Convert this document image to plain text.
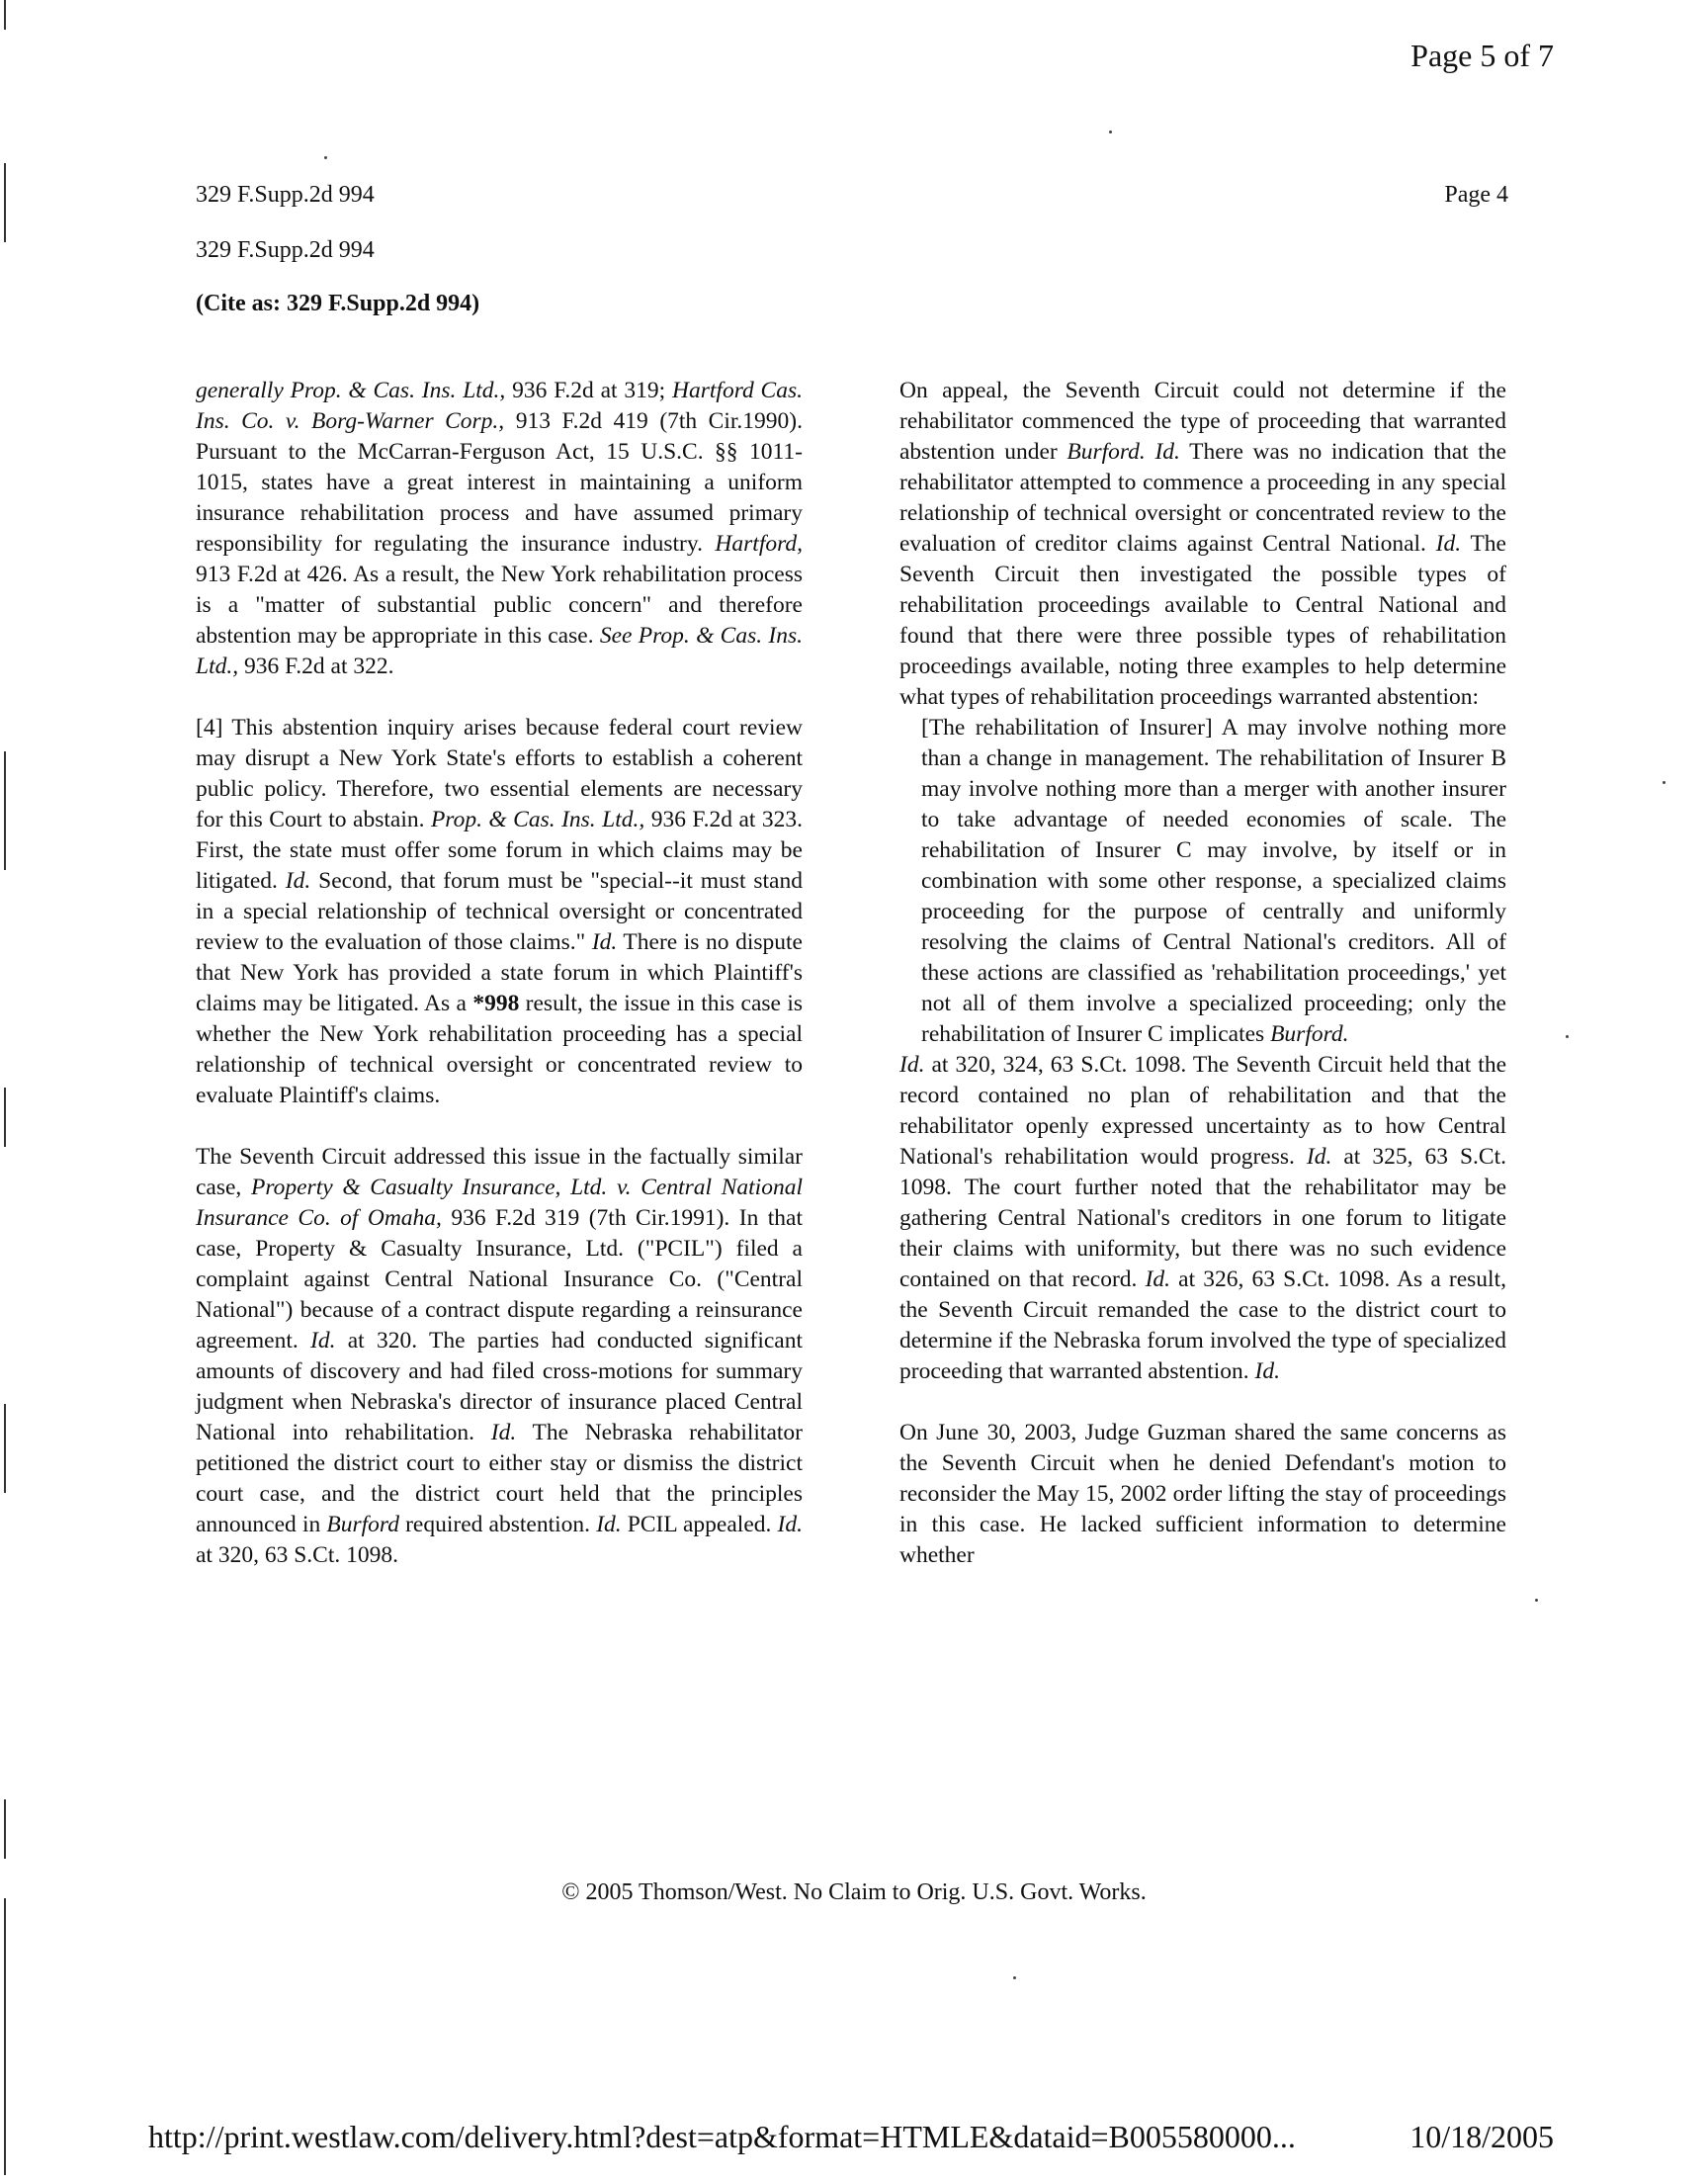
Page 5 of 7
329 F.Supp.2d 994	Page 4
329 F.Supp.2d 994
(Cite as: 329 F.Supp.2d 994)

generally Prop. & Cas. Ins. Ltd., 936 F.2d at 319; Hartford Cas. Ins. Co. v. Borg-Warner Corp., 913 F.2d 419 (7th Cir.1990). Pursuant to the McCarran-Ferguson Act, 15 U.S.C. §§ 1011-1015, states have a great interest in maintaining a uniform insurance rehabilitation process and have assumed primary responsibility for regulating the insurance industry. Hartford, 913 F.2d at 426. As a result, the New York rehabilitation process is a "matter of substantial public concern" and therefore abstention may be appropriate in this case. See Prop. & Cas. Ins. Ltd., 936 F.2d at 322.

[4] This abstention inquiry arises because federal court review may disrupt a New York State's efforts to establish a coherent public policy. Therefore, two essential elements are necessary for this Court to abstain. Prop. & Cas. Ins. Ltd., 936 F.2d at 323. First, the state must offer some forum in which claims may be litigated. Id. Second, that forum must be "special--it must stand in a special relationship of technical oversight or concentrated review to the evaluation of those claims." Id. There is no dispute that New York has provided a state forum in which Plaintiff's claims may be litigated. As a *998 result, the issue in this case is whether the New York rehabilitation proceeding has a special relationship of technical oversight or concentrated review to evaluate Plaintiff's claims.

The Seventh Circuit addressed this issue in the factually similar case, Property & Casualty Insurance, Ltd. v. Central National Insurance Co. of Omaha, 936 F.2d 319 (7th Cir.1991). In that case, Property & Casualty Insurance, Ltd. ("PCIL") filed a complaint against Central National Insurance Co. ("Central National") because of a contract dispute regarding a reinsurance agreement. Id. at 320. The parties had conducted significant amounts of discovery and had filed cross-motions for summary judgment when Nebraska's director of insurance placed Central National into rehabilitation. Id. The Nebraska rehabilitator petitioned the district court to either stay or dismiss the district court case, and the district court held that the principles announced in Burford required abstention. Id. PCIL appealed. Id. at 320, 63 S.Ct. 1098.

On appeal, the Seventh Circuit could not determine if the rehabilitator commenced the type of proceeding that warranted abstention under Burford. Id. There was no indication that the rehabilitator attempted to commence a proceeding in any special relationship of technical oversight or concentrated review to the evaluation of creditor claims against Central National. Id. The Seventh Circuit then investigated the possible types of rehabilitation proceedings available to Central National and found that there were three possible types of rehabilitation proceedings available, noting three examples to help determine what types of rehabilitation proceedings warranted abstention:

[The rehabilitation of Insurer] A may involve nothing more than a change in management. The rehabilitation of Insurer B may involve nothing more than a merger with another insurer to take advantage of needed economies of scale. The rehabilitation of Insurer C may involve, by itself or in combination with some other response, a specialized claims proceeding for the purpose of centrally and uniformly resolving the claims of Central National's creditors. All of these actions are classified as 'rehabilitation proceedings,' yet not all of them involve a specialized proceeding; only the rehabilitation of Insurer C implicates Burford.

Id. at 320, 324, 63 S.Ct. 1098. The Seventh Circuit held that the record contained no plan of rehabilitation and that the rehabilitator openly expressed uncertainty as to how Central National's rehabilitation would progress. Id. at 325, 63 S.Ct. 1098. The court further noted that the rehabilitator may be gathering Central National's creditors in one forum to litigate their claims with uniformity, but there was no such evidence contained on that record. Id. at 326, 63 S.Ct. 1098. As a result, the Seventh Circuit remanded the case to the district court to determine if the Nebraska forum involved the type of specialized proceeding that warranted abstention. Id.

On June 30, 2003, Judge Guzman shared the same concerns as the Seventh Circuit when he denied Defendant's motion to reconsider the May 15, 2002 order lifting the stay of proceedings in this case. He lacked sufficient information to determine whether

© 2005 Thomson/West. No Claim to Orig. U.S. Govt. Works.
http://print.westlaw.com/delivery.html?dest=atp&format=HTMLE&dataid=B005580000...	10/18/2005
